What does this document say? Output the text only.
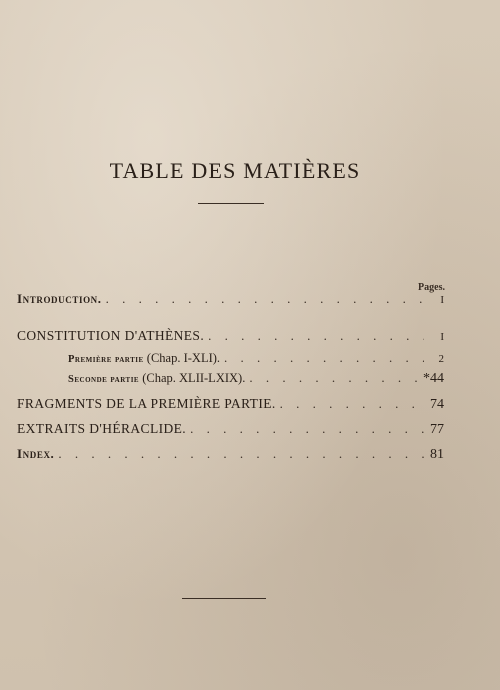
TABLE DES MATIÈRES
Pages.
Introduction. . . .	I
CONSTITUTION D'ATHÈNES. . . .	I
Première partie (Chap. I-XLI). . . .	2
Seconde partie (Chap. XLII-LXIX). . . .	*44
FRAGMENTS DE LA PREMIÈRE PARTIE. . . .	74
EXTRAITS D'HÉRACLIDE. . . .	77
Index. . . .	81
